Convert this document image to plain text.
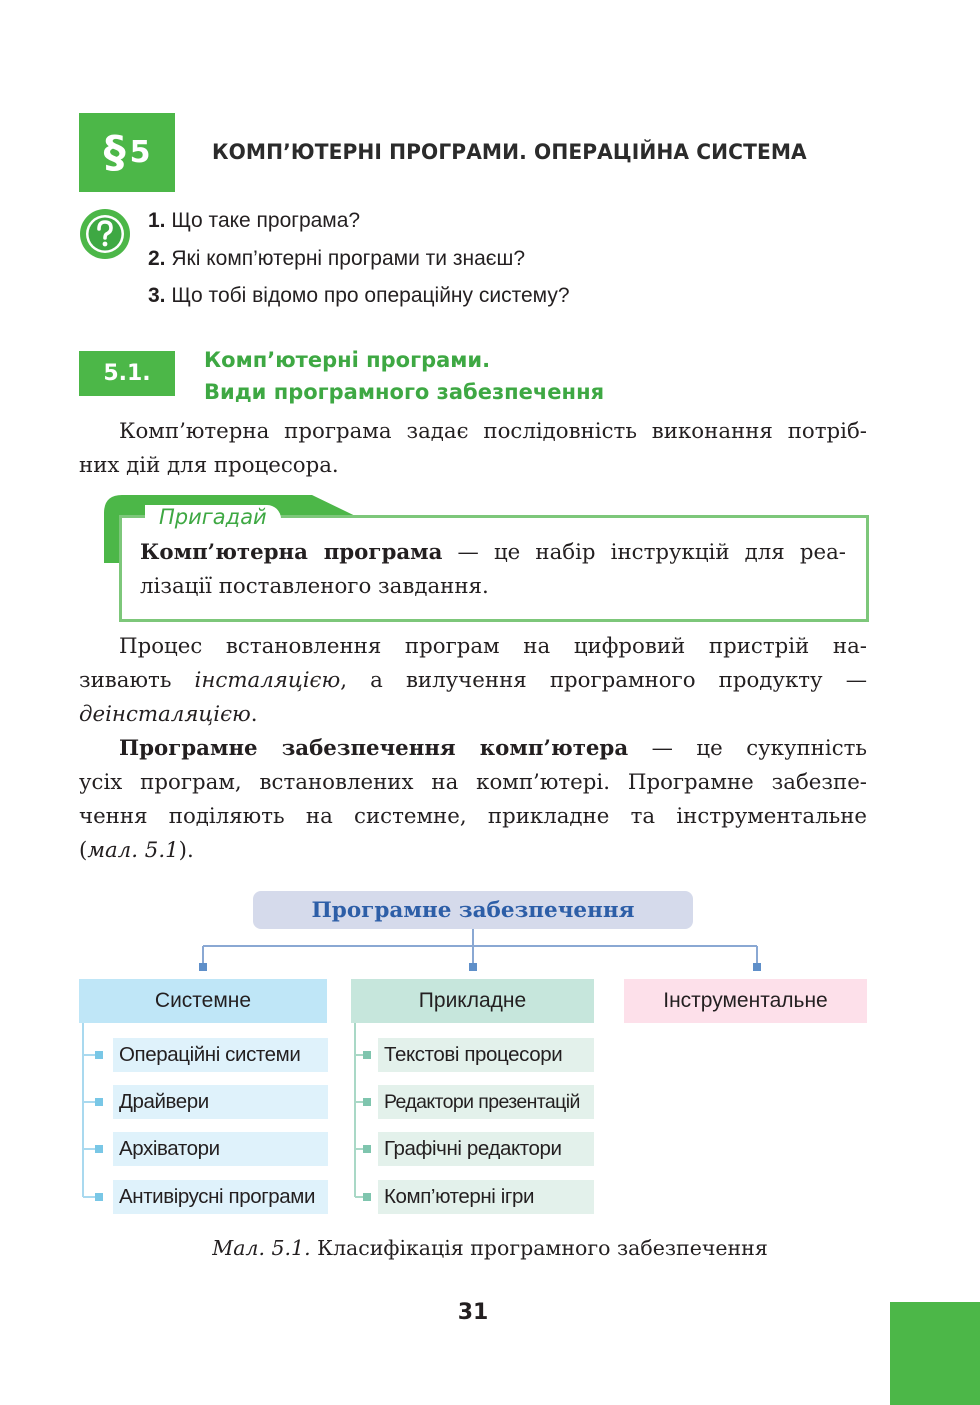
§ 5	КОМП’ЮТЕРНІ ПРОГРАМИ. ОПЕРАЦІЙНА СИСТЕМА
1. Що таке програма?
2. Які комп’ютерні програми ти знаєш?
3. Що тобі відомо про операційну систему?
5.1.
Комп’ютерні програми.
Види програмного забезпечення
Комп’ютерна програма задає послідовність виконання потріб-
них дій для процесора.
Пригадай
Комп’ютерна програма — це набір інструкцій для реа-
лізації поставленого завдання.
Процес встановлення програм на цифровий пристрій на-
зивають інсталяцією, а вилучення програмного продукту —
деінсталяцією.
Програмне забезпечення комп’ютера — це сукупність
усіх програм, встановлених на комп’ютері. Програмне забезпе-
чення поділяють на системне, прикладне та інструментальне
(мал. 5.1).
Програмне забезпечення
Системне	Прикладне	Інструментальне
Операційні системи
Драйвери
Архіватори
Антивірусні програми
Текстові процесори
Редактори презентацій
Графічні редактори
Комп’ютерні ігри
Мал. 5.1. Класифікація програмного забезпечення
31
